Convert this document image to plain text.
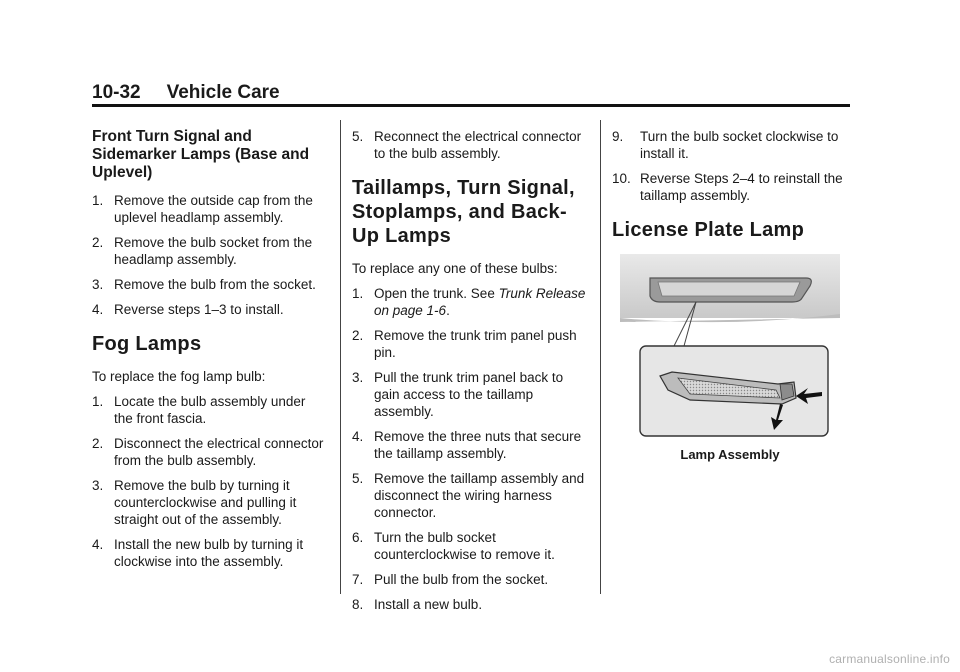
10-32 Vehicle Care
Front Turn Signal and Sidemarker Lamps (Base and Uplevel)
1. Remove the outside cap from the uplevel headlamp assembly.
2. Remove the bulb socket from the headlamp assembly.
3. Remove the bulb from the socket.
4. Reverse steps 1–3 to install.
Fog Lamps
To replace the fog lamp bulb:
1. Locate the bulb assembly under the front fascia.
2. Disconnect the electrical connector from the bulb assembly.
3. Remove the bulb by turning it counterclockwise and pulling it straight out of the assembly.
4. Install the new bulb by turning it clockwise into the assembly.
5. Reconnect the electrical connector to the bulb assembly.
Taillamps, Turn Signal, Stoplamps, and Back-Up Lamps
To replace any one of these bulbs:
1. Open the trunk. See Trunk Release on page 1-6.
2. Remove the trunk trim panel push pin.
3. Pull the trunk trim panel back to gain access to the taillamp assembly.
4. Remove the three nuts that secure the taillamp assembly.
5. Remove the taillamp assembly and disconnect the wiring harness connector.
6. Turn the bulb socket counterclockwise to remove it.
7. Pull the bulb from the socket.
8. Install a new bulb.
9.	Turn the bulb socket clockwise to install it.
10. Reverse Steps 2–4 to reinstall the taillamp assembly.
License Plate Lamp
Lamp Assembly
carmanualsonline.info
